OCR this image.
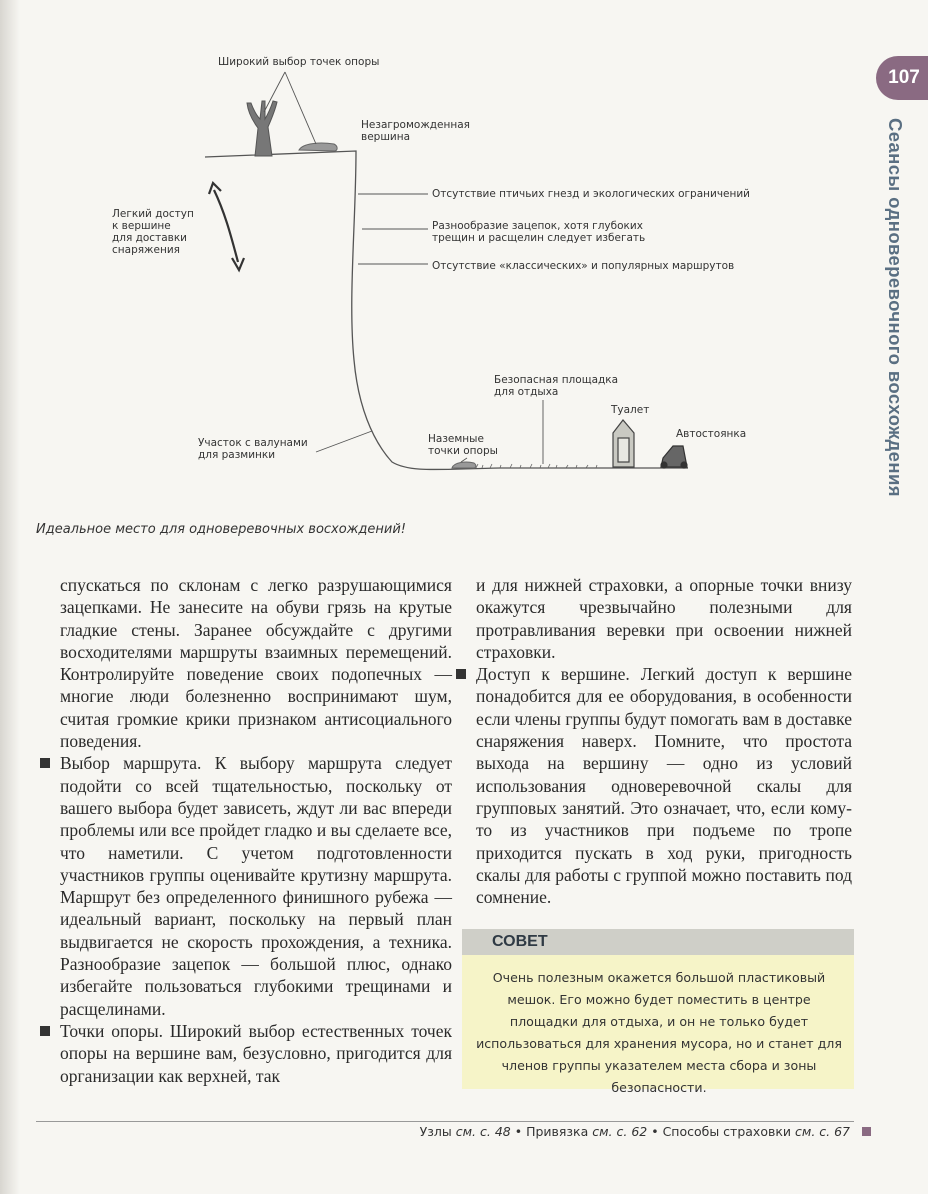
107
Сеансы одноверевочного восхождения
Широкий выбор точек опоры
Незагроможденная
вершина
Отсутствие птичьих гнезд и экологических ограничений
Разнообразие зацепок, хотя глубоких
трещин и расщелин следует избегать
Отсутствие «классических» и популярных маршрутов
Легкий доступ
к вершине
для доставки
снаряжения
Безопасная площадка
для отдыха
Туалет
Автостоянка
Наземные
точки опоры
Участок с валунами
для разминки
Идеальное место для одноверевочных восхождений!

спускаться по склонам с легко разрушающимися зацепками. Не занесите на обуви грязь на крутые гладкие стены. Заранее обсуждайте с другими восходителями маршруты взаимных перемещений. Контролируйте поведение своих подопечных — многие люди болезненно воспринимают шум, считая громкие крики признаком антисоциального поведения.

Выбор маршрута. К выбору маршрута следует подойти со всей тщательностью, поскольку от вашего выбора будет зависеть, ждут ли вас впереди проблемы или все пройдет гладко и вы сделаете все, что наметили. С учетом подготовленности участников группы оценивайте крутизну маршрута. Маршрут без определенного финишного рубежа — идеальный вариант, поскольку на первый план выдвигается не скорость прохождения, а техника. Разнообразие зацепок — большой плюс, однако избегайте пользоваться глубокими трещинами и расщелинами.

Точки опоры. Широкий выбор естественных точек опоры на вершине вам, безусловно, пригодится для организации как верхней, так

и для нижней страховки, а опорные точки внизу окажутся чрезвычайно полезными для протравливания веревки при освоении нижней страховки.

Доступ к вершине. Легкий доступ к вершине понадобится для ее оборудования, в особенности если члены группы будут помогать вам в доставке снаряжения наверх. Помните, что простота выхода на вершину — одно из условий использования одноверевочной скалы для групповых занятий. Это означает, что, если кому-то из участников при подъеме по тропе приходится пускать в ход руки, пригодность скалы для работы с группой можно поставить под сомнение.

СОВЕТ
Очень полезным окажется большой пластиковый мешок. Его можно будет поместить в центре площадки для отдыха, и он не только будет использоваться для хранения мусора, но и станет для членов группы указателем места сбора и зоны безопасности.
Узлы см. с. 48 • Привязка см. с. 62 • Способы страховки см. с. 67
